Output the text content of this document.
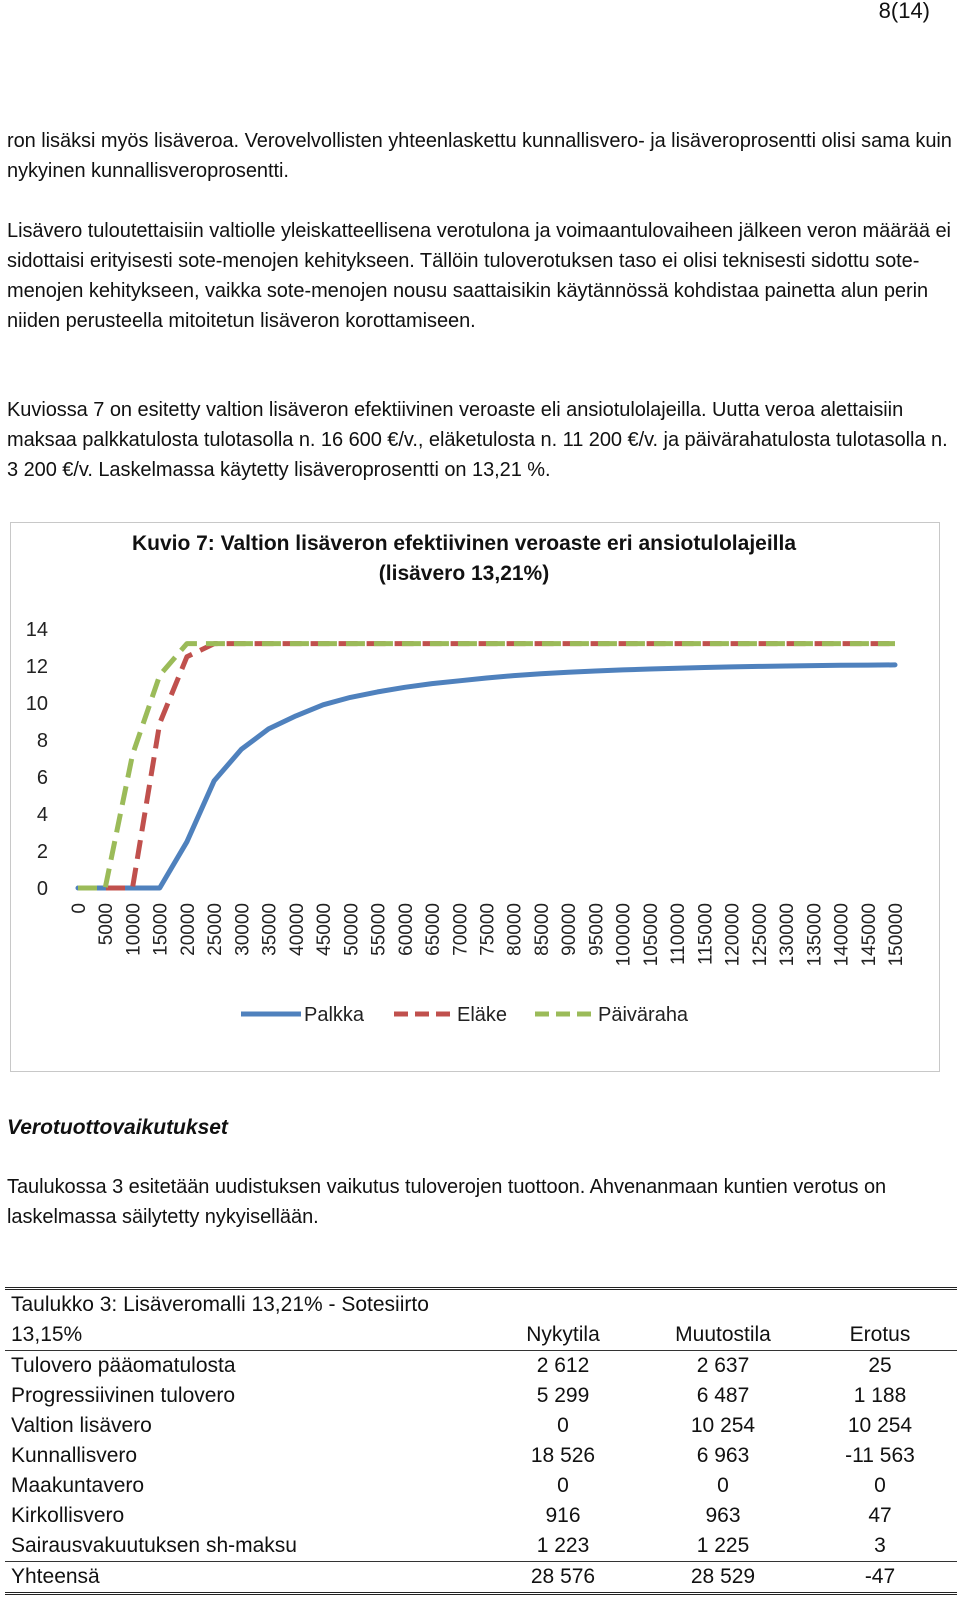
8(14)

ron lisäksi myös lisäveroa. Verovelvollisten yhteenlaskettu kunnallisvero- ja lisäveroprosentti olisi sama kuin nykyinen kunnallisveroprosentti.

Lisävero tuloutettaisiin valtiolle yleiskatteellisena verotulona ja voimaantulovaiheen jälkeen veron määrää ei sidottaisi erityisesti sote-menojen kehitykseen. Tällöin tuloverotuksen taso ei olisi teknisesti sidottu sote-menojen kehitykseen, vaikka sote-menojen nousu saattaisikin käytännössä kohdistaa painetta alun perin niiden perusteella mitoitetun lisäveron korottamiseen.

Kuviossa 7 on esitetty valtion lisäveron efektiivinen veroaste eli ansiotulolajeilla. Uutta veroa alettaisiin maksaa palkkatulosta tulotasolla n. 16 600 €/v., eläketulosta n. 11 200 €/v. ja päivärahatulosta tulotasolla n. 3 200 €/v. Laskelmassa käytetty lisäveroprosentti on 13,21 %.

Kuvio 7: Valtion lisäveron efektiivinen veroaste eri ansiotulolajeilla
(lisävero 13,21%)
0
2
4
6
8
10
12
14
0 5000 10000 15000 20000 25000 30000 35000 40000 45000 50000 55000 60000 65000 70000 75000 80000 85000 90000 95000 100000 105000 110000 115000 120000 125000 130000 135000 140000 145000 150000
Palkka	Eläke	Päiväraha
Verotuottovaikutukset

Taulukossa 3 esitetään uudistuksen vaikutus tuloverojen tuottoon. Ahvenanmaan kuntien verotus on laskelmassa säilytetty nykyisellään.

Taulukko 3: Lisäveromalli 13,21% - Sotesiirto			
13,15%	Nykytila	Muutostila	Erotus
Tulovero pääomatulosta	2 612	2 637	25
Progressiivinen tulovero	5 299	6 487	1 188
Valtion lisävero	0	10 254	10 254
Kunnallisvero	18 526	6 963	-11 563
Maakuntavero	0	0	0
Kirkollisvero	916	963	47
Sairausvakuutuksen sh-maksu	1 223	1 225	3
Yhteensä	28 576	28 529	-47
